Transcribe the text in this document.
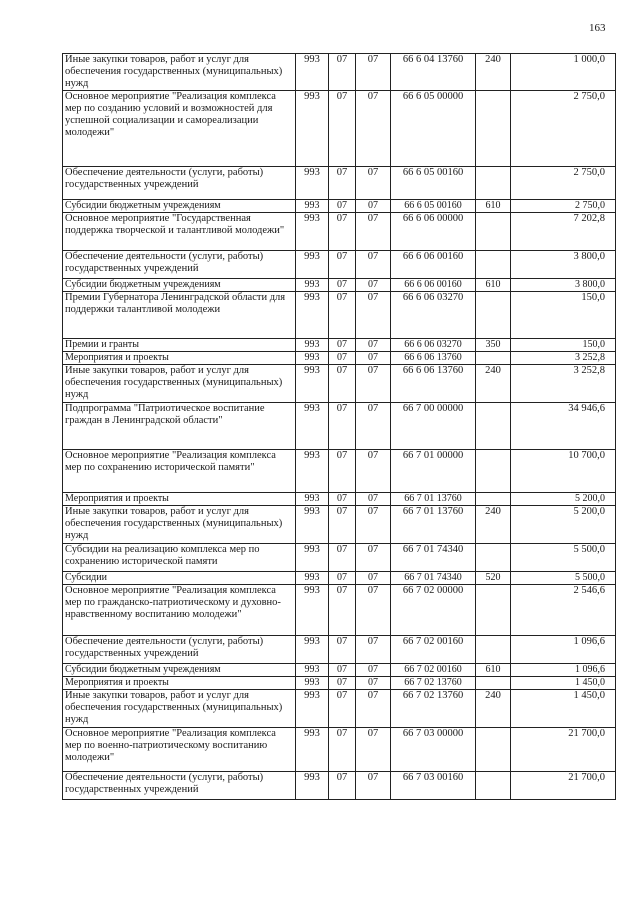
163
Иные закупки товаров, работ и услуг для обеспечения государственных (муниципальных) нужд	993	07	07	66 6 04 13760	240	1 000,0
Основное мероприятие "Реализация комплекса мер по созданию условий и возможностей для успешной социализации и самореализации молодежи"	993	07	07	66 6 05 00000		2 750,0
Обеспечение деятельности (услуги, работы) государственных учреждений	993	07	07	66 6 05 00160		2 750,0
Субсидии бюджетным учреждениям	993	07	07	66 6 05 00160	610	2 750,0
Основное мероприятие "Государственная поддержка творческой и талантливой молодежи"	993	07	07	66 6 06 00000		7 202,8
Обеспечение деятельности (услуги, работы) государственных учреждений	993	07	07	66 6 06 00160		3 800,0
Субсидии бюджетным учреждениям	993	07	07	66 6 06 00160	610	3 800,0
Премии Губернатора Ленинградской области для поддержки талантливой молодежи	993	07	07	66 6 06 03270		150,0
Премии и гранты	993	07	07	66 6 06 03270	350	150,0
Мероприятия и проекты	993	07	07	66 6 06 13760		3 252,8
Иные закупки товаров, работ и услуг для обеспечения государственных (муниципальных) нужд	993	07	07	66 6 06 13760	240	3 252,8
Подпрограмма "Патриотическое воспитание граждан в Ленинградской области"	993	07	07	66 7 00 00000		34 946,6
Основное мероприятие "Реализация комплекса мер по сохранению исторической памяти"	993	07	07	66 7 01 00000		10 700,0
Мероприятия и проекты	993	07	07	66 7 01 13760		5 200,0
Иные закупки товаров, работ и услуг для обеспечения государственных (муниципальных) нужд	993	07	07	66 7 01 13760	240	5 200,0
Субсидии на реализацию комплекса мер по сохранению исторической памяти	993	07	07	66 7 01 74340		5 500,0
Субсидии	993	07	07	66 7 01 74340	520	5 500,0
Основное мероприятие "Реализация комплекса мер по гражданско-патриотическому и духовно-нравственному воспитанию молодежи"	993	07	07	66 7 02 00000		2 546,6
Обеспечение деятельности (услуги, работы) государственных учреждений	993	07	07	66 7 02 00160		1 096,6
Субсидии бюджетным учреждениям	993	07	07	66 7 02 00160	610	1 096,6
Мероприятия и проекты	993	07	07	66 7 02 13760		1 450,0
Иные закупки товаров, работ и услуг для обеспечения государственных (муниципальных) нужд	993	07	07	66 7 02 13760	240	1 450,0
Основное мероприятие "Реализация комплекса мер по военно-патриотическому воспитанию молодежи"	993	07	07	66 7 03 00000		21 700,0
Обеспечение деятельности (услуги, работы) государственных учреждений	993	07	07	66 7 03 00160		21 700,0
